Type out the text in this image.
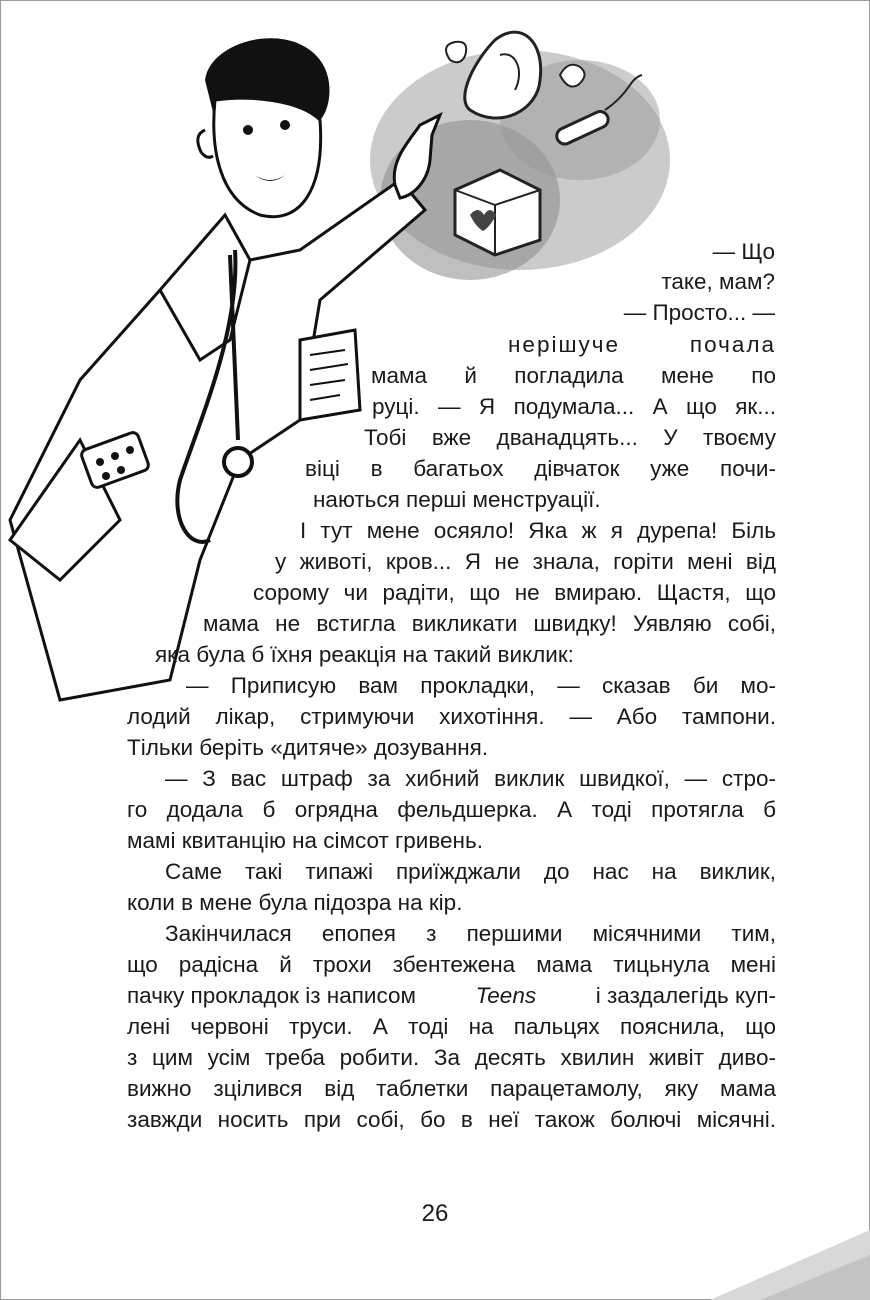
— Що
таке, мам?
— Просто... —
нерішуче почала
мама й погладила мене по
руці. — Я подумала... А що як...
Тобі вже дванадцять... У твоєму
віці в багатьох дівчаток уже почи-
наються перші менструації.
І тут мене осяяло! Яка ж я дурепа! Біль
у животі, кров... Я не знала, горіти мені від
сорому чи радіти, що не вмираю. Щастя, що
мама не встигла викликати швидку! Уявляю собі,
яка була б їхня реакція на такий виклик:
— Приписую вам прокладки, — сказав би мо-
лодий лікар, стримуючи хихотіння. — Або тампони.
Тільки беріть «дитяче» дозування.
— З вас штраф за хибний виклик швидкої, — стро-
го додала б огрядна фельдшерка. А тоді протягла б
мамі квитанцію на сімсот гривень.
Саме такі типажі приїжджали до нас на виклик,
коли в мене була підозра на кір.
Закінчилася епопея з першими місячними тим,
що радісна й трохи збентежена мама тицьнула мені
пачку прокладок із написом Teens і заздалегідь куп-
лені червоні труси. А тоді на пальцях пояснила, що
з цим усім треба робити. За десять хвилин живіт диво-
вижно зцілився від таблетки парацетамолу, яку мама
завжди носить при собі, бо в неї також болючі місячні.
26
